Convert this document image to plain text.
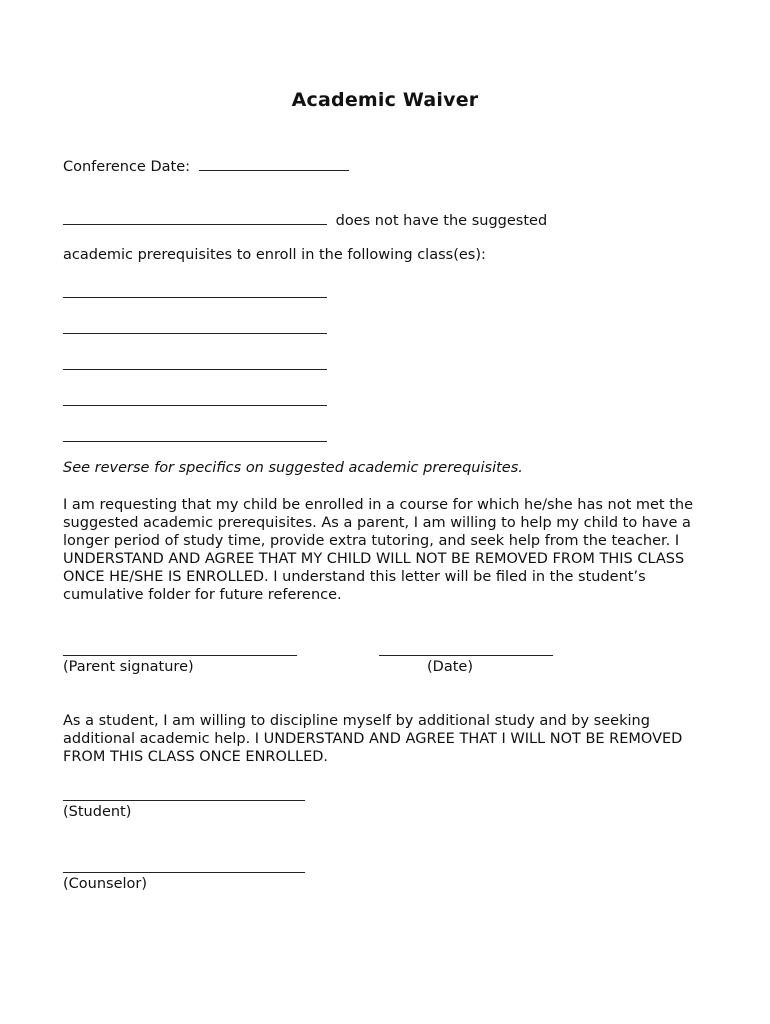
Academic Waiver
Conference Date:
does not have the suggested
academic prerequisites to enroll in the following class(es):
See reverse for specifics on suggested academic prerequisites.
I am requesting that my child be enrolled in a course for which he/she has not met the suggested academic prerequisites. As a parent, I am willing to help my child to have a longer period of study time, provide extra tutoring, and seek help from the teacher. I UNDERSTAND AND AGREE THAT MY CHILD WILL NOT BE REMOVED FROM THIS CLASS ONCE HE/SHE IS ENROLLED. I understand this letter will be filed in the student’s cumulative folder for future reference.
(Parent signature)	(Date)
As a student, I am willing to discipline myself by additional study and by seeking additional academic help. I UNDERSTAND AND AGREE THAT I WILL NOT BE REMOVED FROM THIS CLASS ONCE ENROLLED.
(Student)
(Counselor)
